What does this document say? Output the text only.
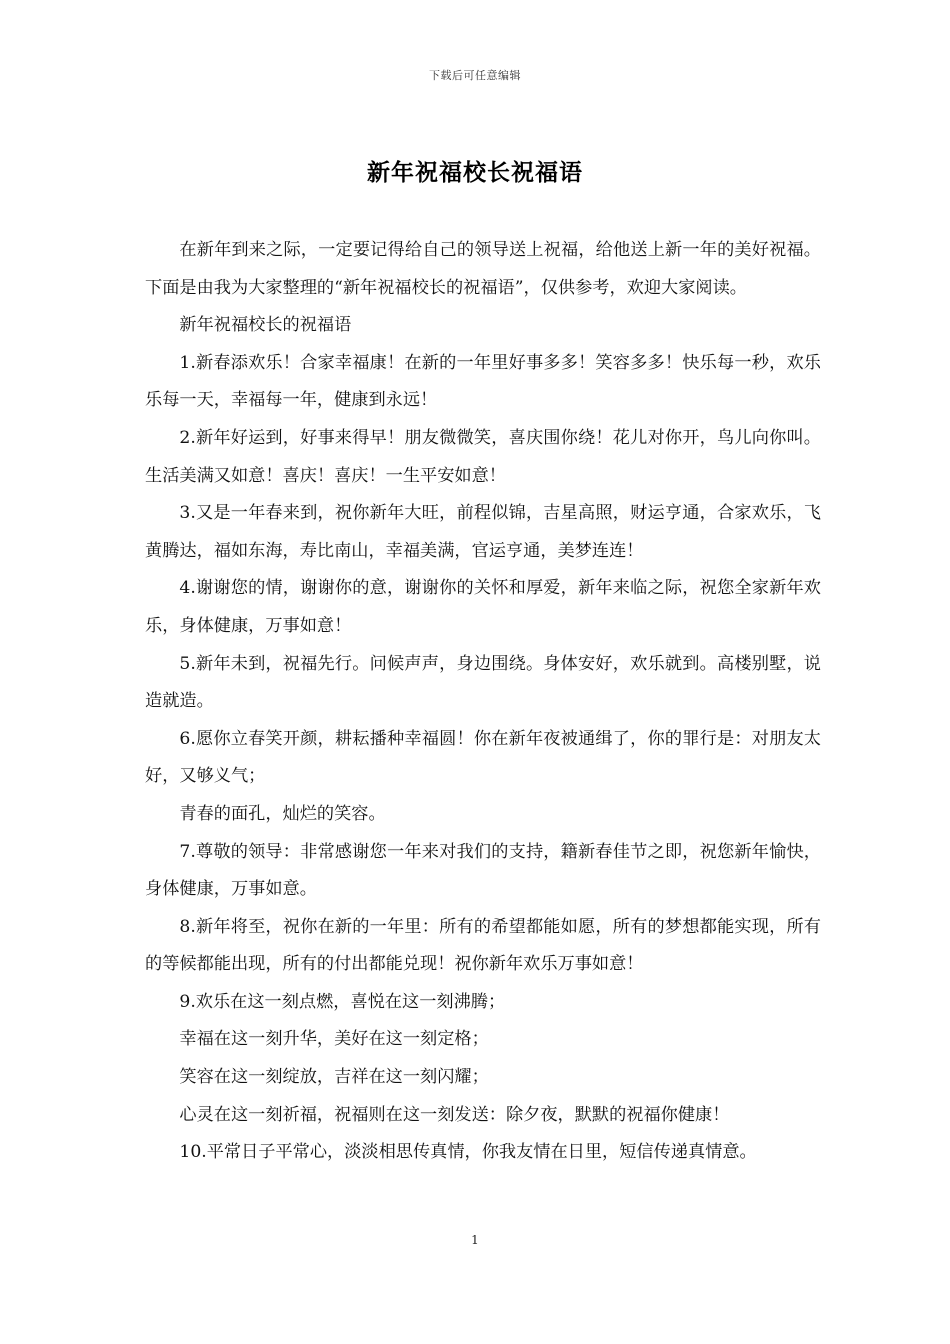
下载后可任意编辑
新年祝福校长祝福语

在新年到来之际，一定要记得给自己的领导送上祝福，给他送上新一年的美好祝福。下面是由我为大家整理的“新年祝福校长的祝福语”，仅供参考，欢迎大家阅读。

新年祝福校长的祝福语

1.新春添欢乐！合家幸福康！在新的一年里好事多多！笑容多多！快乐每一秒，欢乐乐每一天，幸福每一年，健康到永远！

2.新年好运到，好事来得早！朋友微微笑，喜庆围你绕！花儿对你开，鸟儿向你叫。生活美满又如意！喜庆！喜庆！一生平安如意！

3.又是一年春来到，祝你新年大旺，前程似锦，吉星高照，财运亨通，合家欢乐，飞黄腾达，福如东海，寿比南山，幸福美满，官运亨通，美梦连连！

4.谢谢您的情，谢谢你的意，谢谢你的关怀和厚爱，新年来临之际，祝您全家新年欢乐，身体健康，万事如意！

5.新年未到，祝福先行。问候声声，身边围绕。身体安好，欢乐就到。高楼别墅，说造就造。

6.愿你立春笑开颜，耕耘播种幸福圆！你在新年夜被通缉了，你的罪行是：对朋友太好，又够义气；

青春的面孔，灿烂的笑容。

7.尊敬的领导：非常感谢您一年来对我们的支持，籍新春佳节之即，祝您新年愉快，身体健康，万事如意。

8.新年将至，祝你在新的一年里：所有的希望都能如愿，所有的梦想都能实现，所有的等候都能出现，所有的付出都能兑现！祝你新年欢乐万事如意！

9.欢乐在这一刻点燃，喜悦在这一刻沸腾；

幸福在这一刻升华，美好在这一刻定格；

笑容在这一刻绽放，吉祥在这一刻闪耀；

心灵在这一刻祈福，祝福则在这一刻发送：除夕夜，默默的祝福你健康！

10.平常日子平常心，淡淡相思传真情，你我友情在日里，短信传递真情意。

1
